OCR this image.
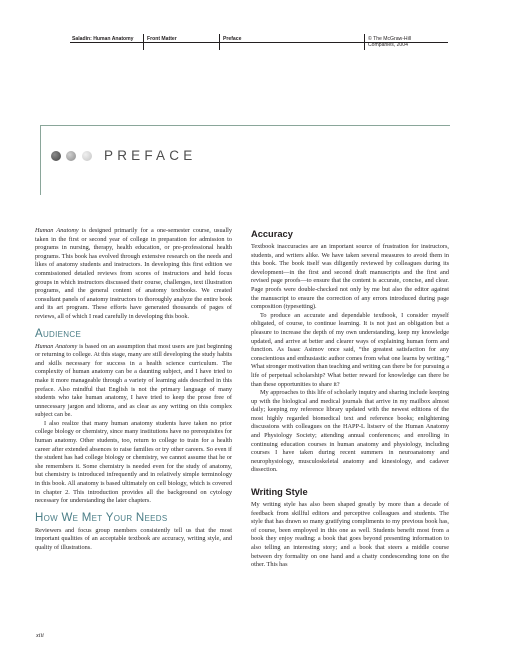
Saladin: Human Anatomy	Front Matter	Preface	© The McGraw-Hill
Companies, 2004
PREFACE

Human Anatomy is designed primarily for a one-semester course, usually taken in the first or second year of college in preparation for admission to programs in nursing, therapy, health education, or pre-professional health programs. This book has evolved through extensive research on the needs and likes of anatomy students and instructors. In developing this first edition we commissioned detailed reviews from scores of instructors and held focus groups in which instructors discussed their course, challenges, text illustration programs, and the general content of anatomy textbooks. We created consultant panels of anatomy instructors to thoroughly analyze the entire book and its art program. These efforts have generated thousands of pages of reviews, all of which I read carefully in developing this book.

Audience

Human Anatomy is based on an assumption that most users are just beginning or returning to college. At this stage, many are still developing the study habits and skills necessary for success in a health science curriculum. The complexity of human anatomy can be a daunting subject, and I have tried to make it more manageable through a variety of learning aids described in this preface. Also mindful that English is not the primary language of many students who take human anatomy, I have tried to keep the prose free of unnecessary jargon and idioms, and as clear as any writing on this complex subject can be.

I also realize that many human anatomy students have taken no prior college biology or chemistry, since many institutions have no prerequisites for human anatomy. Other students, too, return to college to train for a health career after extended absences to raise families or try other careers. So even if the student has had college biology or chemistry, we cannot assume that he or she remembers it. Some chemistry is needed even for the study of anatomy, but chemistry is introduced infrequently and in relatively simple terminology in this book. All anatomy is based ultimately on cell biology, which is covered in chapter 2. This introduction provides all the background on cytology necessary for understanding the later chapters.

How We Met Your Needs

Reviewers and focus group members consistently tell us that the most important qualities of an acceptable textbook are accuracy, writing style, and quality of illustrations.

Accuracy

Textbook inaccuracies are an important source of frustration for instructors, students, and writers alike. We have taken several measures to avoid them in this book. The book itself was diligently reviewed by colleagues during its development—in the first and second draft manuscripts and the first and revised page proofs—to ensure that the content is accurate, concise, and clear. Page proofs were double-checked not only by me but also the editor against the manuscript to ensure the correction of any errors introduced during page composition (typesetting).

To produce an accurate and dependable textbook, I consider myself obligated, of course, to continue learning. It is not just an obligation but a pleasure to increase the depth of my own understanding, keep my knowledge updated, and arrive at better and clearer ways of explaining human form and function. As Isaac Asimov once said, “the greatest satisfaction for any conscientious and enthusiastic author comes from what one learns by writing.” What stronger motivation than teaching and writing can there be for pursuing a life of perpetual scholarship? What better reward for knowledge can there be than these opportunities to share it?

My approaches to this life of scholarly inquiry and sharing include keeping up with the biological and medical journals that arrive in my mailbox almost daily; keeping my reference library updated with the newest editions of the most highly regarded biomedical text and reference books; enlightening discussions with colleagues on the HAPP-L listserv of the Human Anatomy and Physiology Society; attending annual conferences; and enrolling in continuing education courses in human anatomy and physiology, including courses I have taken during recent summers in neuroanatomy and neurophysiology, musculoskeletal anatomy and kinesiology, and cadaver dissection.

Writing Style

My writing style has also been shaped greatly by more than a decade of feedback from skillful editors and perceptive colleagues and students. The style that has drawn so many gratifying compliments to my previous book has, of course, been employed in this one as well. Students benefit most from a book they enjoy reading; a book that goes beyond presenting information to also telling an interesting story; and a book that steers a middle course between dry formality on one hand and a chatty condescending tone on the other. This has

xiii
